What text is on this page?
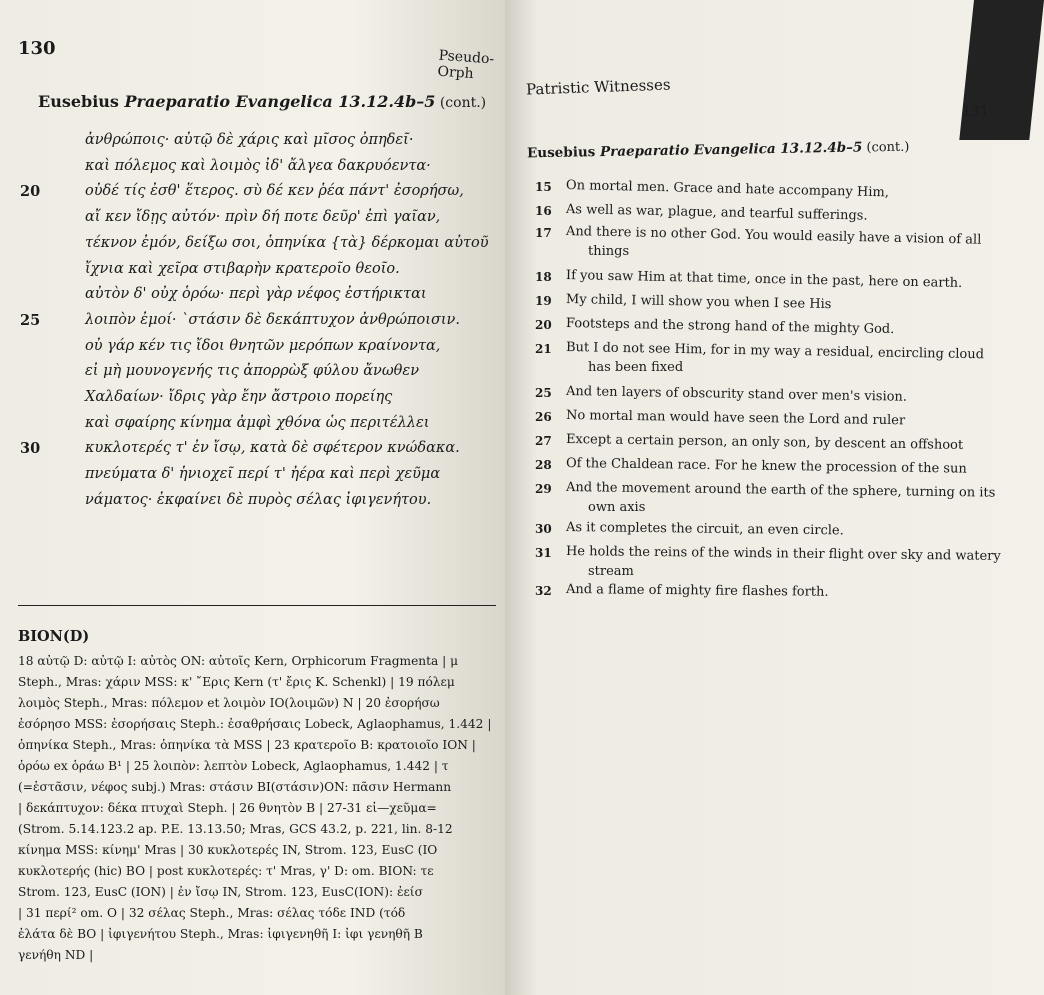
130	Pseudo-Orph
Eusebius Praeparatio Evangelica 13.12.4b–5 (cont.)
BION(D)
18 αὐτῷ D: αὐτῷ I: αὐτὸς ON: αὐτοῖς Kern, Orphicorum Fragmenta | μ
Steph., Mras: χάριν MSS: κ' ῎Ερις Kern (τ' ἔρις K. Schenkl) | 19 πόλεμ
λοιμὸς Steph., Mras: πόλεμον et λοιμὸν IO(λοιμῶν) N | 20 ἐσορήσω
ἐσόρησο MSS: ἐσορήσαις Steph.: ἐσαθρήσαις Lobeck, Aglaophamus, 1.442 |
ὁπηνίκα Steph., Mras: ὁπηνίκα τὰ MSS | 23 κρατεροῖο B: κρατοιοῖο ION |
ὁρόω ex ὁράω B¹ | 25 λοιπὸν: λεπτὸν Lobeck, Aglaophamus, 1.442 | τ
(=ἑστᾶσιν, νέφος subj.) Mras: στάσιν BI(στάσιν)ON: πᾶσιν Hermann
| δεκάπτυχον: δέκα πτυχαὶ Steph. | 26 θνητὸν B | 27-31 εἰ—χεῦμα=
(Strom. 5.14.123.2 ap. P.E. 13.13.50; Mras, GCS 43.2, p. 221, lin. 8-12
κίνημα MSS: κίνημ' Mras | 30 κυκλοτερές IN, Strom. 123, EusC (IO
κυκλοτερής (hic) BO | post κυκλοτερές: τ' Mras, γ' D: om. BION: τε
Strom. 123, EusC (ION) | ἐν ἴσῳ IN, Strom. 123, EusC(ION): ἐείσ
| 31 περί² om. O | 32 σέλας Steph., Mras: σέλας τόδε IND (τόδ
ἐλάτα δὲ BO | ἰφιγενήτου Steph., Mras: ἰφιγενηθῆ I: ἰφι γενηθῆ B
γενήθη ND |
ἀνθρώποις· αὐτῷ δὲ χάρις καὶ μῖσος ὀπηδεῖ·
καὶ πόλεμος καὶ λοιμὸς ἰδ' ἄλγεα δακρυόεντα·
20	οὐδέ τίς ἐσθ' ἕτερος. σὺ δέ κεν ῥέα πάντ' ἐσορήσω,
αἴ κεν ἴδῃς αὐτόν· πρὶν δή ποτε δεῦρ' ἐπὶ γαῖαν,
τέκνον ἐμόν, δείξω σοι, ὁπηνίκα {τὰ} δέρκομαι αὐτοῦ
ἴχνια καὶ χεῖρα στιβαρὴν κρατεροῖο θεοῖο.
αὐτὸν δ' οὐχ ὁρόω· περὶ γὰρ νέφος ἐστήρικται
25	λοιπὸν ἐμοί· ˋστάσιν δὲ δεκάπτυχον ἀνθρώποισιν.
οὐ γάρ κέν τις ἴδοι θνητῶν μερόπων κραίνοντα,
εἰ μὴ μουνογενής τις ἀπορρὼξ φύλου ἄνωθεν
Χαλδαίων· ἴδρις γὰρ ἔην ἄστροιο πορείης
καὶ σφαίρης κίνημα ἀμφὶ χθόνα ὡς περιτέλλει
30	κυκλοτερές τ' ἐν ἴσῳ, κατὰ δὲ σφέτερον κνώδακα.
πνεύματα δ' ἡνιοχεῖ περί τ' ἠέρα καὶ περὶ χεῦμα
νάματος· ἐκφαίνει δὲ πυρὸς σέλας ἰφιγενήτου.
Patristic Witnesses
131
Eusebius Praeparatio Evangelica 13.12.4b–5 (cont.)
15 On mortal men. Grace and hate accompany Him,
16 As well as war, plague, and tearful sufferings.
17 And there is no other God. You would easily have a vision of all
things
18 If you saw Him at that time, once in the past, here on earth.
19 My child, I will show you when I see His
20 Footsteps and the strong hand of the mighty God.
21 But I do not see Him, for in my way a residual, encircling cloud
has been fixed
25 And ten layers of obscurity stand over men's vision.
26 No mortal man would have seen the Lord and ruler
27 Except a certain person, an only son, by descent an offshoot
28 Of the Chaldean race. For he knew the procession of the sun
29 And the movement around the earth of the sphere, turning on its
own axis
30 As it completes the circuit, an even circle.
31 He holds the reins of the winds in their flight over sky and watery
stream
32 And a flame of mighty fire flashes forth.
